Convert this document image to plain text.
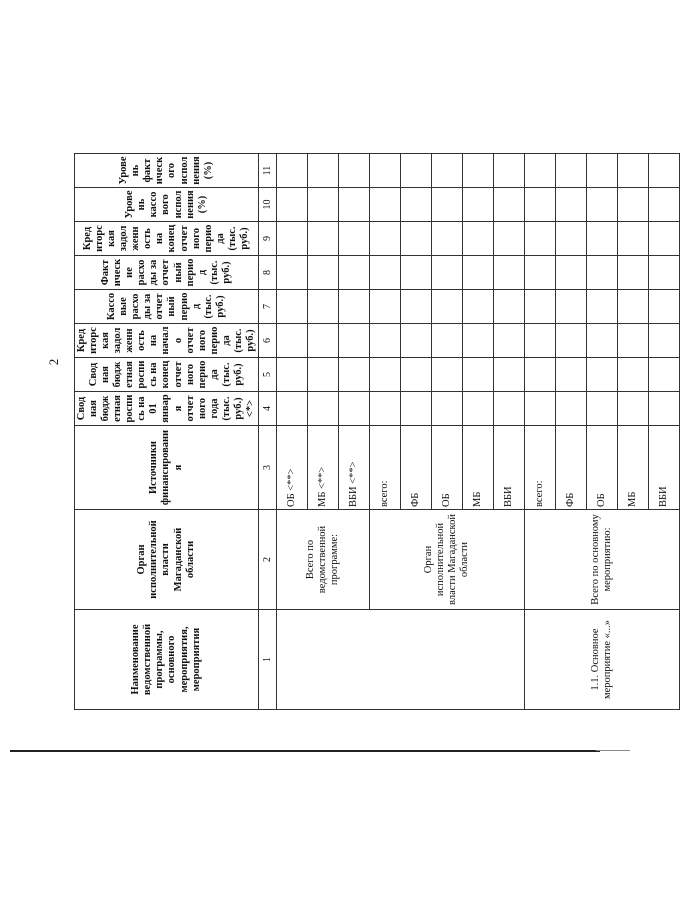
2
Наименование ведомственной программы, основного мероприятия, мероприятия	Орган исполнительной власти Магаданской области	Источники финансирования	Сводная бюджетная роспись на 01 января отчетного года (тыс. руб.) <*>	Сводная бюджетная роспись на конец отчетного периода (тыс. руб.)	Кредиторская задолженность на начало отчетного периода (тыс. руб.)	Кассовые расходы за отчетный период (тыс. руб.)	Фактические расходы за отчетный период (тыс. руб.)	Кредиторская задолженность на конец отчетного периода (тыс. руб.)	Уровень кассового исполнения (%)	Уровень фактического исполнения (%)
1	2	3	4	5	6	7	8	9	10	11
	Всего по ведомственной программе:	ОБ <**>								
		МБ <**>								
		ВБИ <**>								
	Орган исполнительной власти Магаданской области	всего:								
		ФБ								
		ОБ								
		МБ								
		ВБИ								
1.1. Основное мероприятие «...»	Всего по основному мероприятию:	всего:								
		ФБ								
		ОБ								
		МБ								
		ВБИ								
